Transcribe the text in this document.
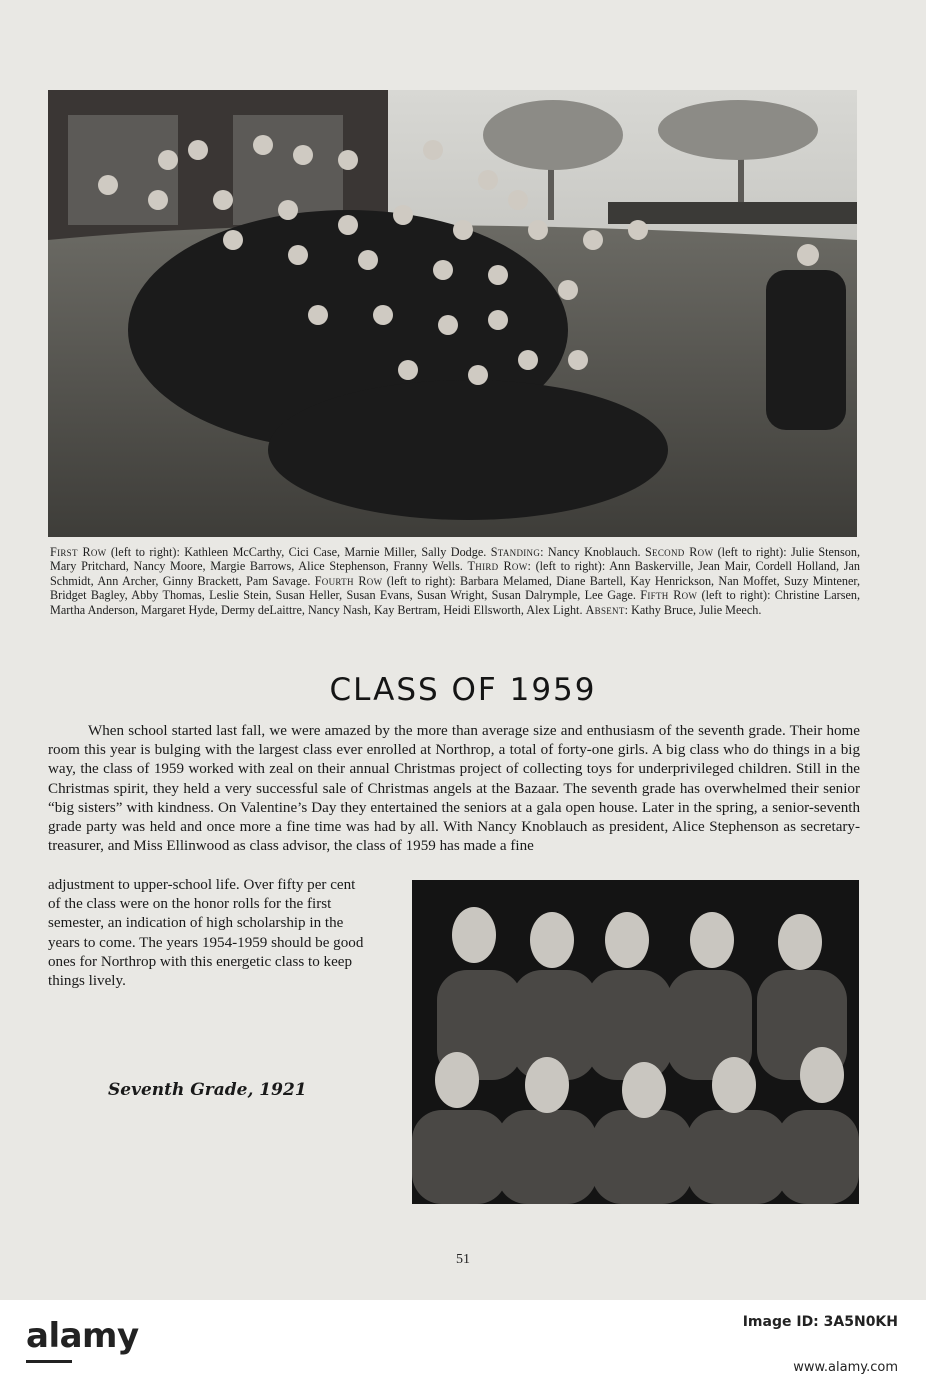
First Row (left to right): Kathleen McCarthy, Cici Case, Marnie Miller, Sally Dodge. Standing: Nancy Knoblauch. Second Row (left to right): Julie Stenson, Mary Pritchard, Nancy Moore, Margie Barrows, Alice Stephenson, Franny Wells. Third Row: (left to right): Ann Baskerville, Jean Mair, Cordell Holland, Jan Schmidt, Ann Archer, Ginny Brackett, Pam Savage. Fourth Row (left to right): Barbara Melamed, Diane Bartell, Kay Henrickson, Nan Moffet, Suzy Mintener, Bridget Bagley, Abby Thomas, Leslie Stein, Susan Heller, Susan Evans, Susan Wright, Susan Dalrymple, Lee Gage. Fifth Row (left to right): Christine Larsen, Martha Anderson, Margaret Hyde, Dermy deLaittre, Nancy Nash, Kay Bertram, Heidi Ellsworth, Alex Light. Absent: Kathy Bruce, Julie Meech.
CLASS OF 1959
When school started last fall, we were amazed by the more than average size and enthusiasm of the seventh grade. Their home room this year is bulging with the largest class ever enrolled at Northrop, a total of forty-one girls. A big class who do things in a big way, the class of 1959 worked with zeal on their annual Christmas project of collecting toys for underprivileged children. Still in the Christmas spirit, they held a very successful sale of Christmas angels at the Bazaar. The seventh grade has overwhelmed their senior “big sisters” with kindness. On Valentine’s Day they entertained the seniors at a gala open house. Later in the spring, a senior-seventh grade party was held and once more a fine time was had by all. With Nancy Knoblauch as president, Alice Stephenson as secretary-treasurer, and Miss Ellinwood as class advisor, the class of 1959 has made a fine
adjustment to upper-school life. Over fifty per cent of the class were on the honor rolls for the first semester, an indication of high scholarship in the years to come. The years 1954-1959 should be good ones for Northrop with this energetic class to keep things lively.
Seventh Grade, 1921
51
alamy	Image ID: 3A5N0KH
www.alamy.com
